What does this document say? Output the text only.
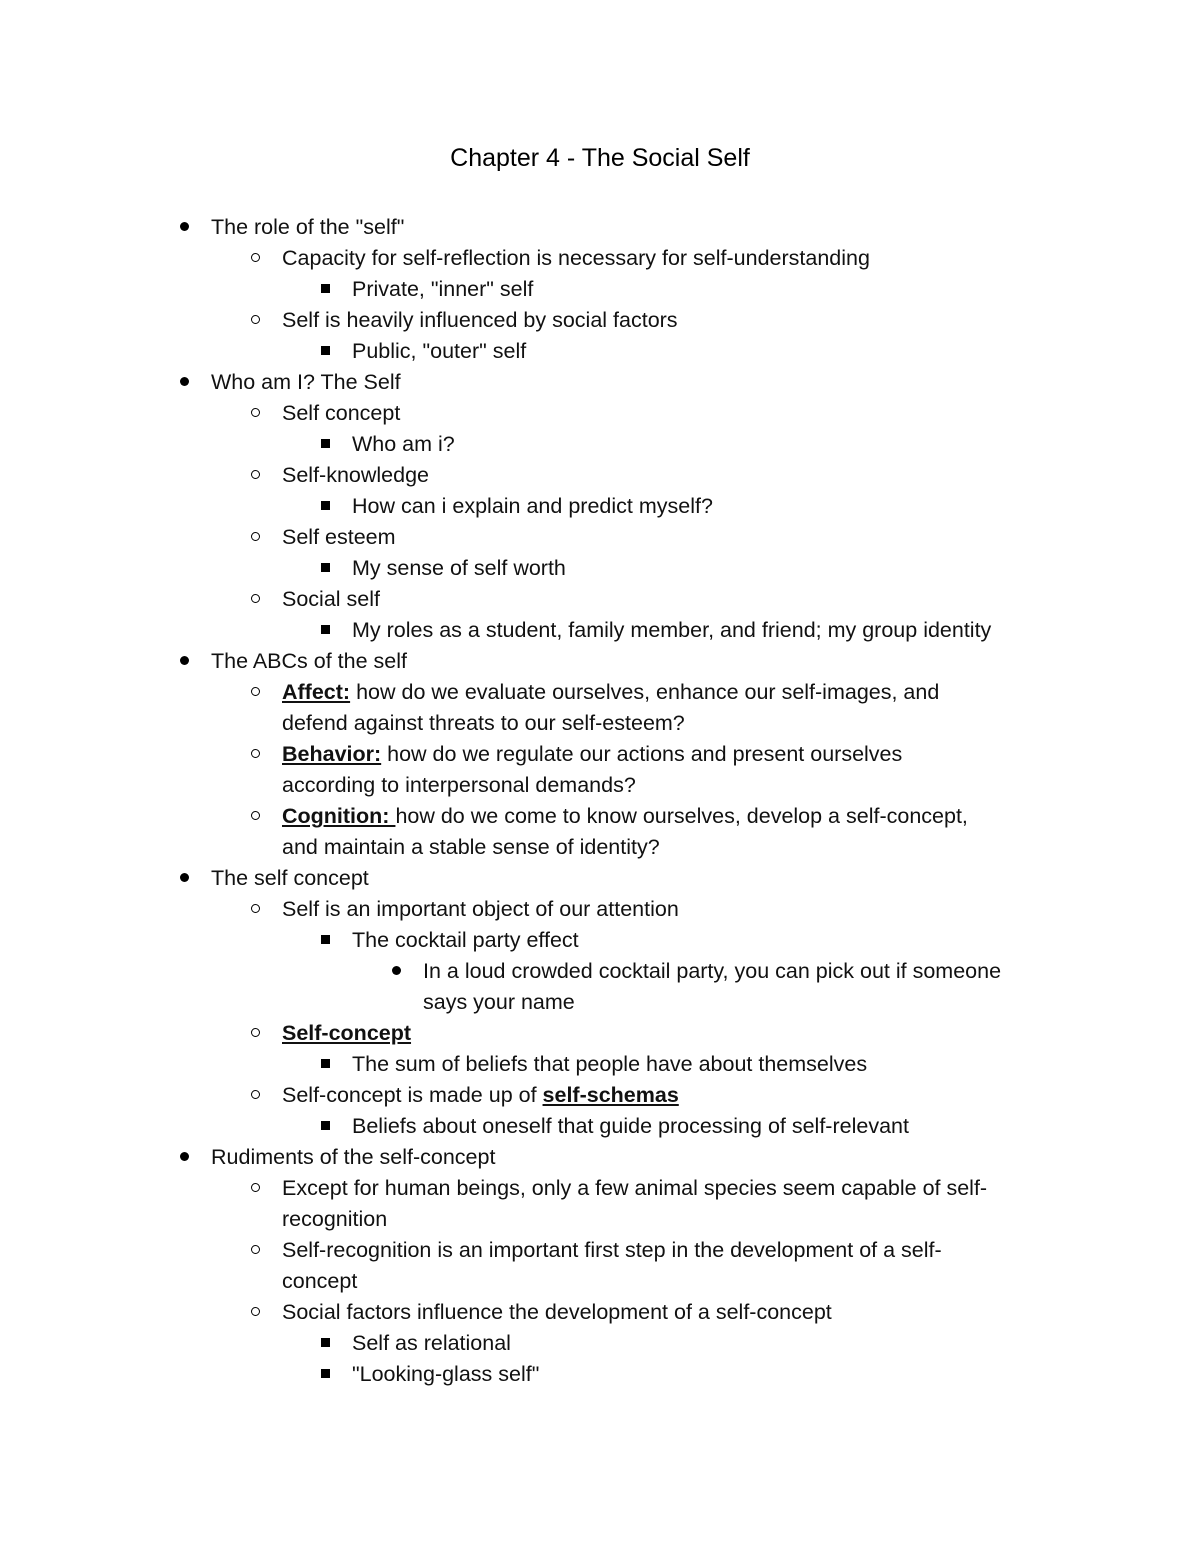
Chapter 4 - The Social Self
The role of the "self"
Capacity for self-reflection is necessary for self-understanding
Private, "inner" self
Self is heavily influenced by social factors
Public, "outer" self
Who am I? The Self
Self concept
Who am i?
Self-knowledge
How can i explain and predict myself?
Self esteem
My sense of self worth
Social self
My roles as a student, family member, and friend; my group identity
The ABCs of the self
Affect: how do we evaluate ourselves, enhance our self-images, and
defend against threats to our self-esteem?
Behavior: how do we regulate our actions and present ourselves
according to interpersonal demands?
Cognition: how do we come to know ourselves, develop a self-concept,
and maintain a stable sense of identity?
The self concept
Self is an important object of our attention
The cocktail party effect
In a loud crowded cocktail party, you can pick out if someone
says your name
Self-concept
The sum of beliefs that people have about themselves
Self-concept is made up of self-schemas
Beliefs about oneself that guide processing of self-relevant
Rudiments of the self-concept
Except for human beings, only a few animal species seem capable of self-
recognition
Self-recognition is an important first step in the development of a self-
concept
Social factors influence the development of a self-concept
Self as relational
"Looking-glass self"
